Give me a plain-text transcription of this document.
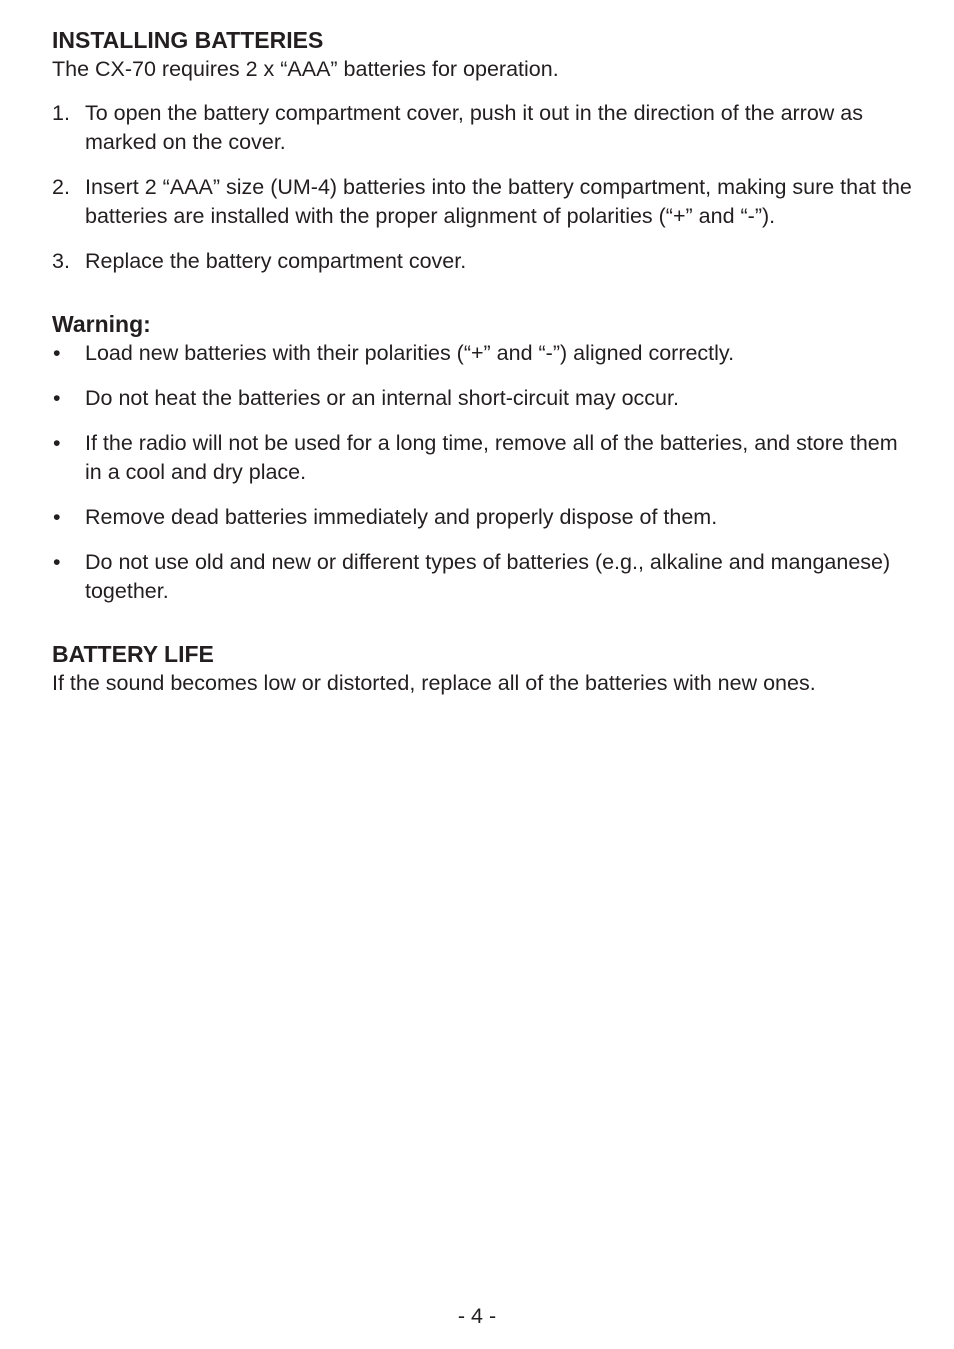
INSTALLING BATTERIES

The CX-70 requires 2 x “AAA” batteries for operation.

1. To open the battery compartment cover, push it out in the direction of the arrow as marked on the cover.
2. Insert 2 “AAA” size (UM-4) batteries into the battery compartment, making sure that the batteries are installed with the proper alignment of polarities (“+” and “-”).
3. Replace the battery compartment cover.
Warning:
• Load new batteries with their polarities (“+” and “-”) aligned correctly.
• Do not heat the batteries or an internal short-circuit may occur.
• If the radio will not be used for a long time, remove all of the batteries, and store them in a cool and dry place.
• Remove dead batteries immediately and properly dispose of them.
• Do not use old and new or different types of batteries (e.g., alkaline and manganese) together.
BATTERY LIFE

If the sound becomes low or distorted, replace all of the batteries with new ones.

- 4 -
